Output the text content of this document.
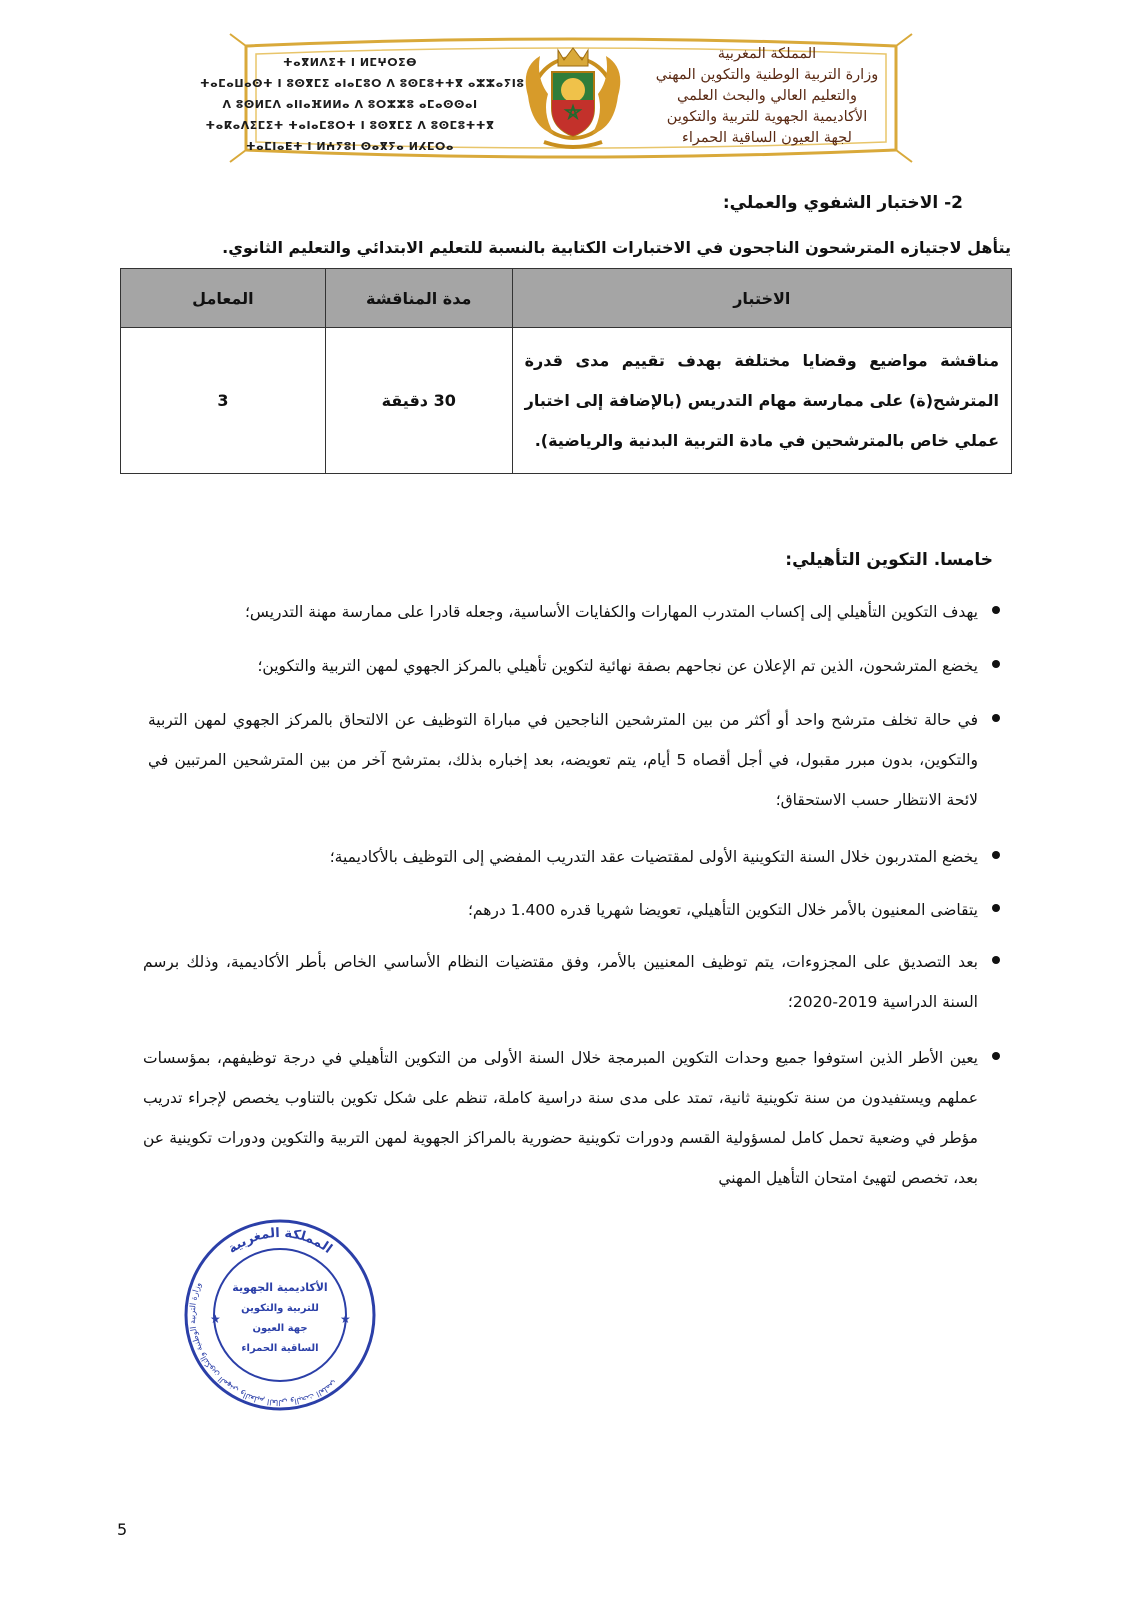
ⵜⴰⴳⵍⴷⵉⵜ ⵏ ⵍⵎⵖⵔⵉⴱ
ⵜⴰⵎⴰⵡⴰⵙⵜ ⵏ ⵓⵙⴳⵎⵉ ⴰⵏⴰⵎⵓⵔ ⴷ ⵓⵙⵎⵓⵜⵜⴳ ⴰⵣⵣⴰⵢⵏⵓ
ⴷ ⵓⵙⵍⵎⴷ ⴰⵏⵏⴰⴼⵍⵍⴰ ⴷ ⵓⵔⵣⵣⵓ ⴰⵎⴰⵙⵙⴰⵏ
ⵜⴰⴽⴰⴷⵉⵎⵉⵜ ⵜⴰⵏⴰⵎⵓⵔⵜ ⵏ ⵓⵙⴳⵎⵉ ⴷ ⵓⵙⵎⵓⵜⵜⴳ
ⵜⴰⵎⵏⴰⴹⵜ ⵏ ⵍⵄⵢⵓⵏ ⵙⴰⴳⵢⴰ ⵍⵃⵎⵔⴰ
المملكة المغربية
وزارة التربية الوطنية والتكوين المهني
والتعليم العالي والبحث العلمي
الأكاديمية الجهوية للتربية والتكوين
لجهة العيون الساقية الحمراء
2- الاختبار الشفوي والعملي:
يتأهل لاجتيازه المترشحون الناجحون في الاختبارات الكتابية بالنسبة للتعليم الابتدائي والتعليم الثانوي.
الاختبار	مدة المناقشة	المعامل
مناقشة مواضيع وقضايا مختلفة بهدف تقييم مدى قدرة المترشح(ة) على ممارسة مهام التدريس (بالإضافة إلى اختبار عملي خاص بالمترشحين في مادة التربية البدنية والرياضية).	30 دقيقة	3
خامسا. التكوين التأهيلي:
يهدف التكوين التأهيلي إلى إكساب المتدرب المهارات والكفايات الأساسية، وجعله قادرا على ممارسة مهنة التدريس؛
يخضع المترشحون، الذين تم الإعلان عن نجاحهم بصفة نهائية لتكوين تأهيلي بالمركز الجهوي لمهن التربية والتكوين؛
في حالة تخلف مترشح واحد أو أكثر من بين المترشحين الناجحين في مباراة التوظيف عن الالتحاق بالمركز الجهوي لمهن التربية والتكوين، بدون مبرر مقبول، في أجل أقصاه 5 أيام، يتم تعويضه، بعد إخباره بذلك، بمترشح آخر من بين المترشحين المرتبين في لائحة الانتظار حسب الاستحقاق؛
يخضع المتدربون خلال السنة التكوينية الأولى لمقتضيات عقد التدريب المفضي إلى التوظيف بالأكاديمية؛
يتقاضى المعنيون بالأمر خلال التكوين التأهيلي، تعويضا شهريا قدره 1.400 درهم؛
بعد التصديق على المجزوءات، يتم توظيف المعنيين بالأمر، وفق مقتضيات النظام الأساسي الخاص بأطر الأكاديمية، وذلك برسم السنة الدراسية 2019-2020؛
يعين الأطر الذين استوفوا جميع وحدات التكوين المبرمجة خلال السنة الأولى من التكوين التأهيلي في درجة توظيفهم، بمؤسسات عملهم ويستفيدون من سنة تكوينية ثانية، تمتد على مدى سنة دراسية كاملة، تنظم على شكل تكوين بالتناوب يخصص لإجراء تدريب مؤطر في وضعية تحمل كامل لمسؤولية القسم ودورات تكوينية حضورية بالمراكز الجهوية لمهن التربية والتكوين ودورات تكوينية عن بعد، تخصص لتهيئ امتحان التأهيل المهني
المملكة المغربية
وزارة التربية الوطنية والتكوين المهني والتعليم العالي والبحث العلمي
★	★
الأكاديمية الجهوية
للتربية والتكوين
جهة العيون
الساقية الحمراء
5
